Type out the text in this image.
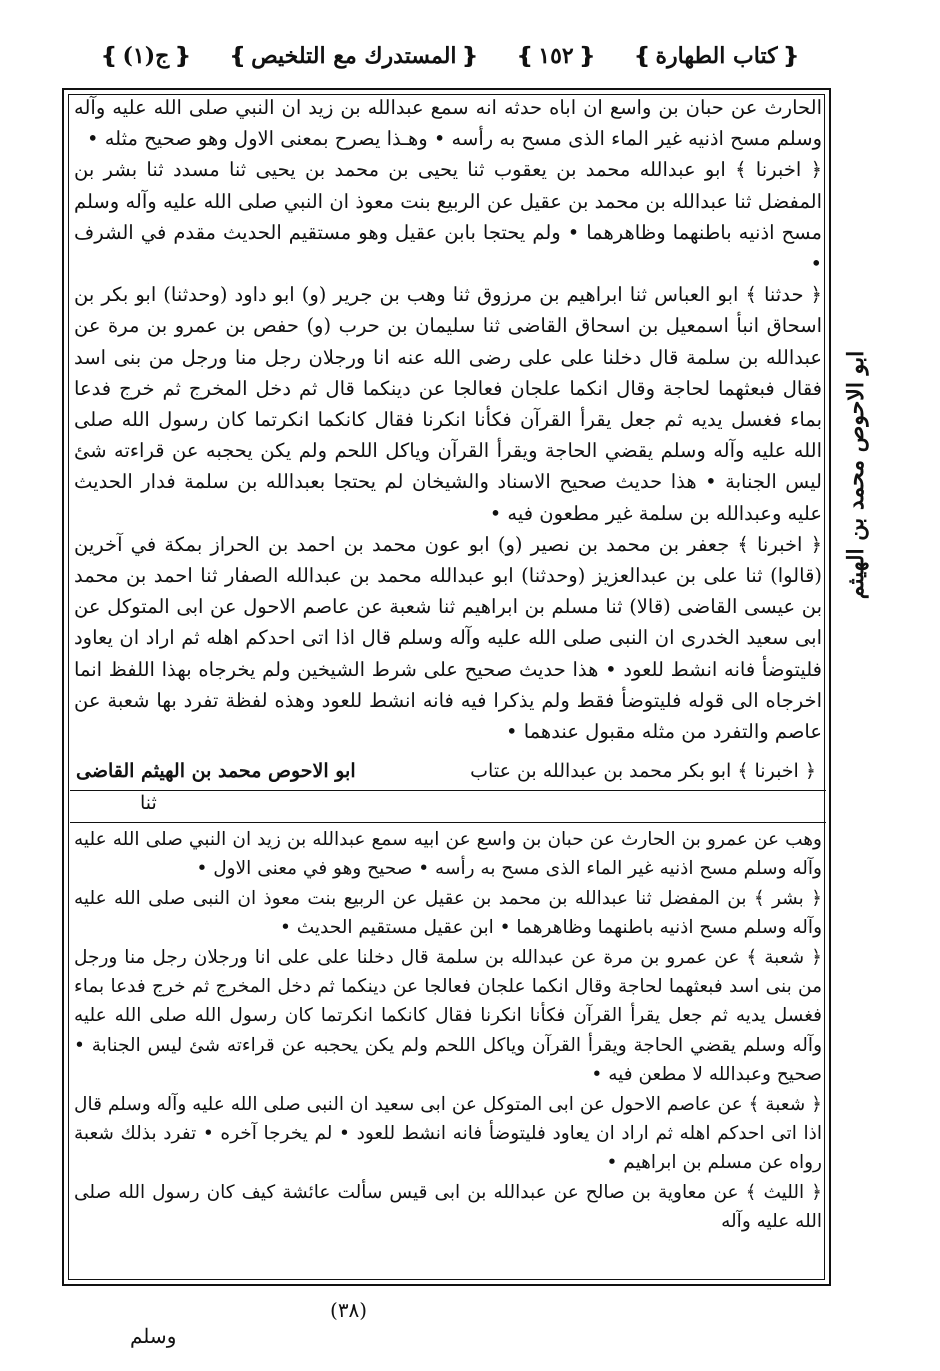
❴ ج(١) ❵	❴ المستدرك مع التلخيص ❵	❴ ١٥٢ ❵	❴ كتاب الطهارة ❵

الحارث عن حبان بن واسع ان اباه حدثه انه سمع عبدالله بن زيد ان النبي صلى الله عليه وآله وسلم مسح اذنيه غير الماء الذى مسح به رأسه • وهـذا يصرح بمعنى الاول وهو صحيح مثله •

﴿ اخبرنا ﴾ ابو عبدالله محمد بن يعقوب ثنا يحيى بن محمد بن يحيى ثنا مسدد ثنا بشر بن المفضل ثنا عبدالله بن محمد بن عقيل عن الربيع بنت معوذ ان النبي صلى الله عليه وآله وسلم مسح اذنيه باطنهما وظاهرهما • ولم يحتجا بابن عقيل وهو مستقيم الحديث مقدم في الشرف •

﴿ حدثنا ﴾ ابو العباس ثنا ابراهيم بن مرزوق ثنا وهب بن جرير (و) ابو داود (وحدثنا) ابو بكر بن اسحاق انبأ اسمعيل بن اسحاق القاضى ثنا سليمان بن حرب (و) حفص بن عمرو بن مرة عن عبدالله بن سلمة قال دخلنا على على رضى الله عنه انا ورجلان رجل منا ورجل من بنى اسد فقال فبعثهما لحاجة وقال انكما علجان فعالجا عن دينكما قال ثم دخل المخرج ثم خرج فدعا بماء فغسل يديه ثم جعل يقرأ القرآن فكأنا انكرنا فقال كانكما انكرتما كان رسول الله صلى الله عليه وآله وسلم يقضي الحاجة ويقرأ القرآن وياكل اللحم ولم يكن يحجبه عن قراءته شئ ليس الجنابة • هذا حديث صحيح الاسناد والشيخان لم يحتجا بعبدالله بن سلمة فدار الحديث عليه وعبدالله بن سلمة غير مطعون فيه •

﴿ اخبرنا ﴾ جعفر بن محمد بن نصير (و) ابو عون محمد بن احمد بن الحراز بمكة في آخرين (قالوا) ثنا على بن عبدالعزيز (وحدثنا) ابو عبدالله محمد بن عبدالله الصفار ثنا احمد بن محمد بن عيسى القاضى (قالا) ثنا مسلم بن ابراهيم ثنا شعبة عن عاصم الاحول عن ابى المتوكل عن ابى سعيد الخدرى ان النبى صلى الله عليه وآله وسلم قال اذا اتى احدكم اهله ثم اراد ان يعاود فليتوضأ فانه انشط للعود • هذا حديث صحيح على شرط الشيخين ولم يخرجاه بهذا اللفظ انما اخرجاه الى قوله فليتوضأ فقط ولم يذكرا فيه فانه انشط للعود وهذه لفظة تفرد بها شعبة عن عاصم والتفرد من مثله مقبول عندهما •

﴿ اخبرنا ﴾ ابو بكر محمد بن عبدالله بن عتاب
ابو الاحوص محمد بن الهيثم القاضى
ثنا

وهب عن عمرو بن الحارث عن حبان بن واسع عن ابيه سمع عبدالله بن زيد ان النبي صلى الله عليه وآله وسلم مسح اذنيه غير الماء الذى مسح به رأسه • صحيح وهو في معنى الاول •

﴿ بشر ﴾ بن المفضل ثنا عبدالله بن محمد بن عقيل عن الربيع بنت معوذ ان النبى صلى الله عليه وآله وسلم مسح اذنيه باطنهما وظاهرهما • ابن عقيل مستقيم الحديث •

﴿ شعبة ﴾ عن عمرو بن مرة عن عبدالله بن سلمة قال دخلنا على على انا ورجلان رجل منا ورجل من بنى اسد فبعثهما لحاجة وقال انكما علجان فعالجا عن دينكما ثم دخل المخرج ثم خرج فدعا بماء فغسل يديه ثم جعل يقرأ القرآن فكأنا انكرنا فقال كانكما انكرتما كان رسول الله صلى الله عليه وآله وسلم يقضي الحاجة ويقرأ القرآن وياكل اللحم ولم يكن يحجبه عن قراءته شئ ليس الجنابة • صحيح وعبدالله لا مطعن فيه •

﴿ شعبة ﴾ عن عاصم الاحول عن ابى المتوكل عن ابى سعيد ان النبى صلى الله عليه وآله وسلم قال اذا اتى احدكم اهله ثم اراد ان يعاود فليتوضأ فانه انشط للعود • لم يخرجا آخره • تفرد بذلك شعبة رواه عن مسلم بن ابراهيم •

﴿ الليث ﴾ عن معاوية بن صالح عن عبدالله بن ابى قيس سألت عائشة كيف كان رسول الله صلى الله عليه وآله

ابو الاحوص محمد بن الهيثم
(٣٨)
وسلم
